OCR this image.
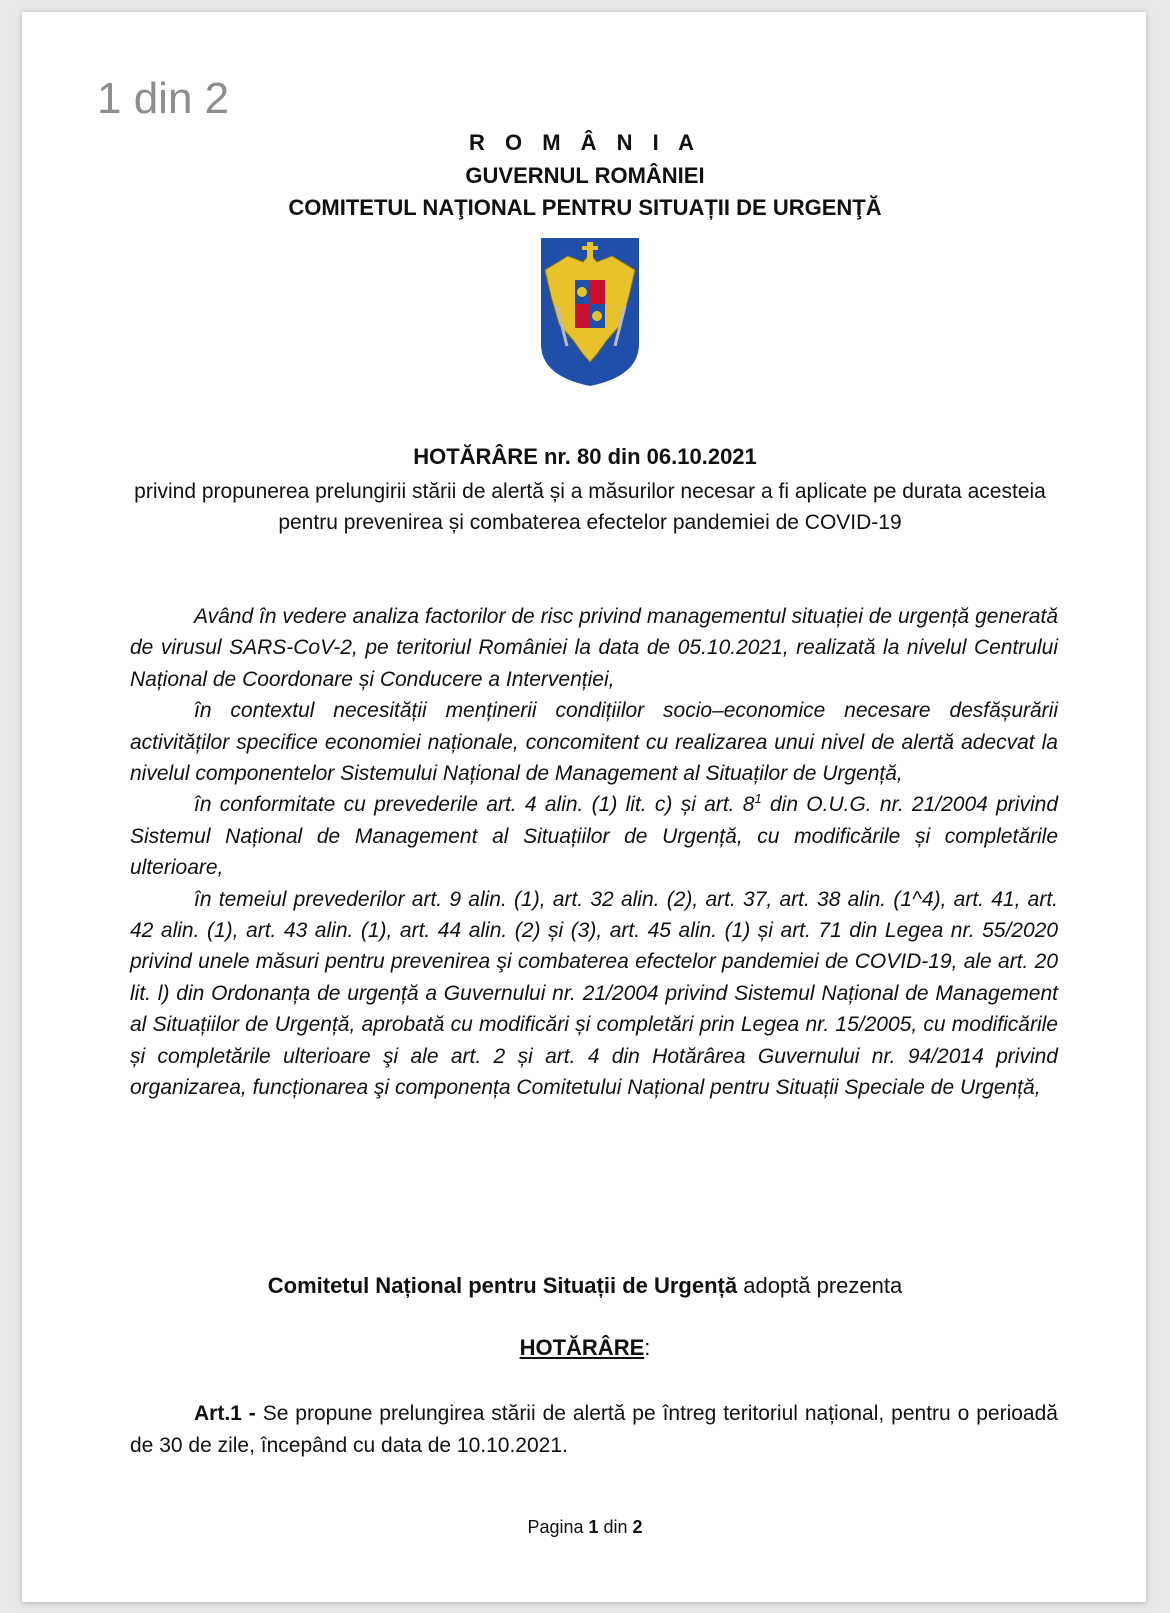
1 din 2
R O M Â N I A
GUVERNUL ROMÂNIEI
COMITETUL NAŢIONAL PENTRU SITUAȚII DE URGENŢĂ
HOTĂRÂRE nr. 80 din 06.10.2021
privind propunerea prelungirii stării de alertă și a măsurilor necesar a fi aplicate pe durata acesteia pentru prevenirea și combaterea efectelor pandemiei de COVID-19

Având în vedere analiza factorilor de risc privind managementul situației de urgență generată de virusul SARS-CoV-2, pe teritoriul României la data de 05.10.2021, realizată la nivelul Centrului Național de Coordonare și Conducere a Intervenției,

în contextul necesității menținerii condițiilor socio–economice necesare desfășurării activităților specifice economiei naționale, concomitent cu realizarea unui nivel de alertă adecvat la nivelul componentelor Sistemului Național de Management al Situaților de Urgență,

în conformitate cu prevederile art. 4 alin. (1) lit. c) și art. $8^1$ din O.U.G. nr. 21/2004 privind Sistemul Național de Management al Situațiilor de Urgență, cu modificările și completările ulterioare,

în temeiul prevederilor art. 9 alin. (1), art. 32 alin. (2), art. 37, art. 38 alin. (1^4), art. 41, art. 42 alin. (1), art. 43 alin. (1), art. 44 alin. (2) și (3), art. 45 alin. (1) și art. 71 din Legea nr. 55/2020 privind unele măsuri pentru prevenirea şi combaterea efectelor pandemiei de COVID-19, ale art. 20 lit. l) din Ordonanța de urgență a Guvernului nr. 21/2004 privind Sistemul Național de Management al Situațiilor de Urgență, aprobată cu modificări și completări prin Legea nr. 15/2005, cu modificările și completările ulterioare şi ale art. 2 și art. 4 din Hotărârea Guvernului nr. 94/2014 privind organizarea, funcționarea şi componența Comitetului Național pentru Situații Speciale de Urgență,

Comitetul Național pentru Situații de Urgență adoptă prezenta
HOTĂRÂRE:

Art.1 - Se propune prelungirea stării de alertă pe întreg teritoriul național, pentru o perioadă de 30 de zile, începând cu data de 10.10.2021.

Pagina 1 din 2
